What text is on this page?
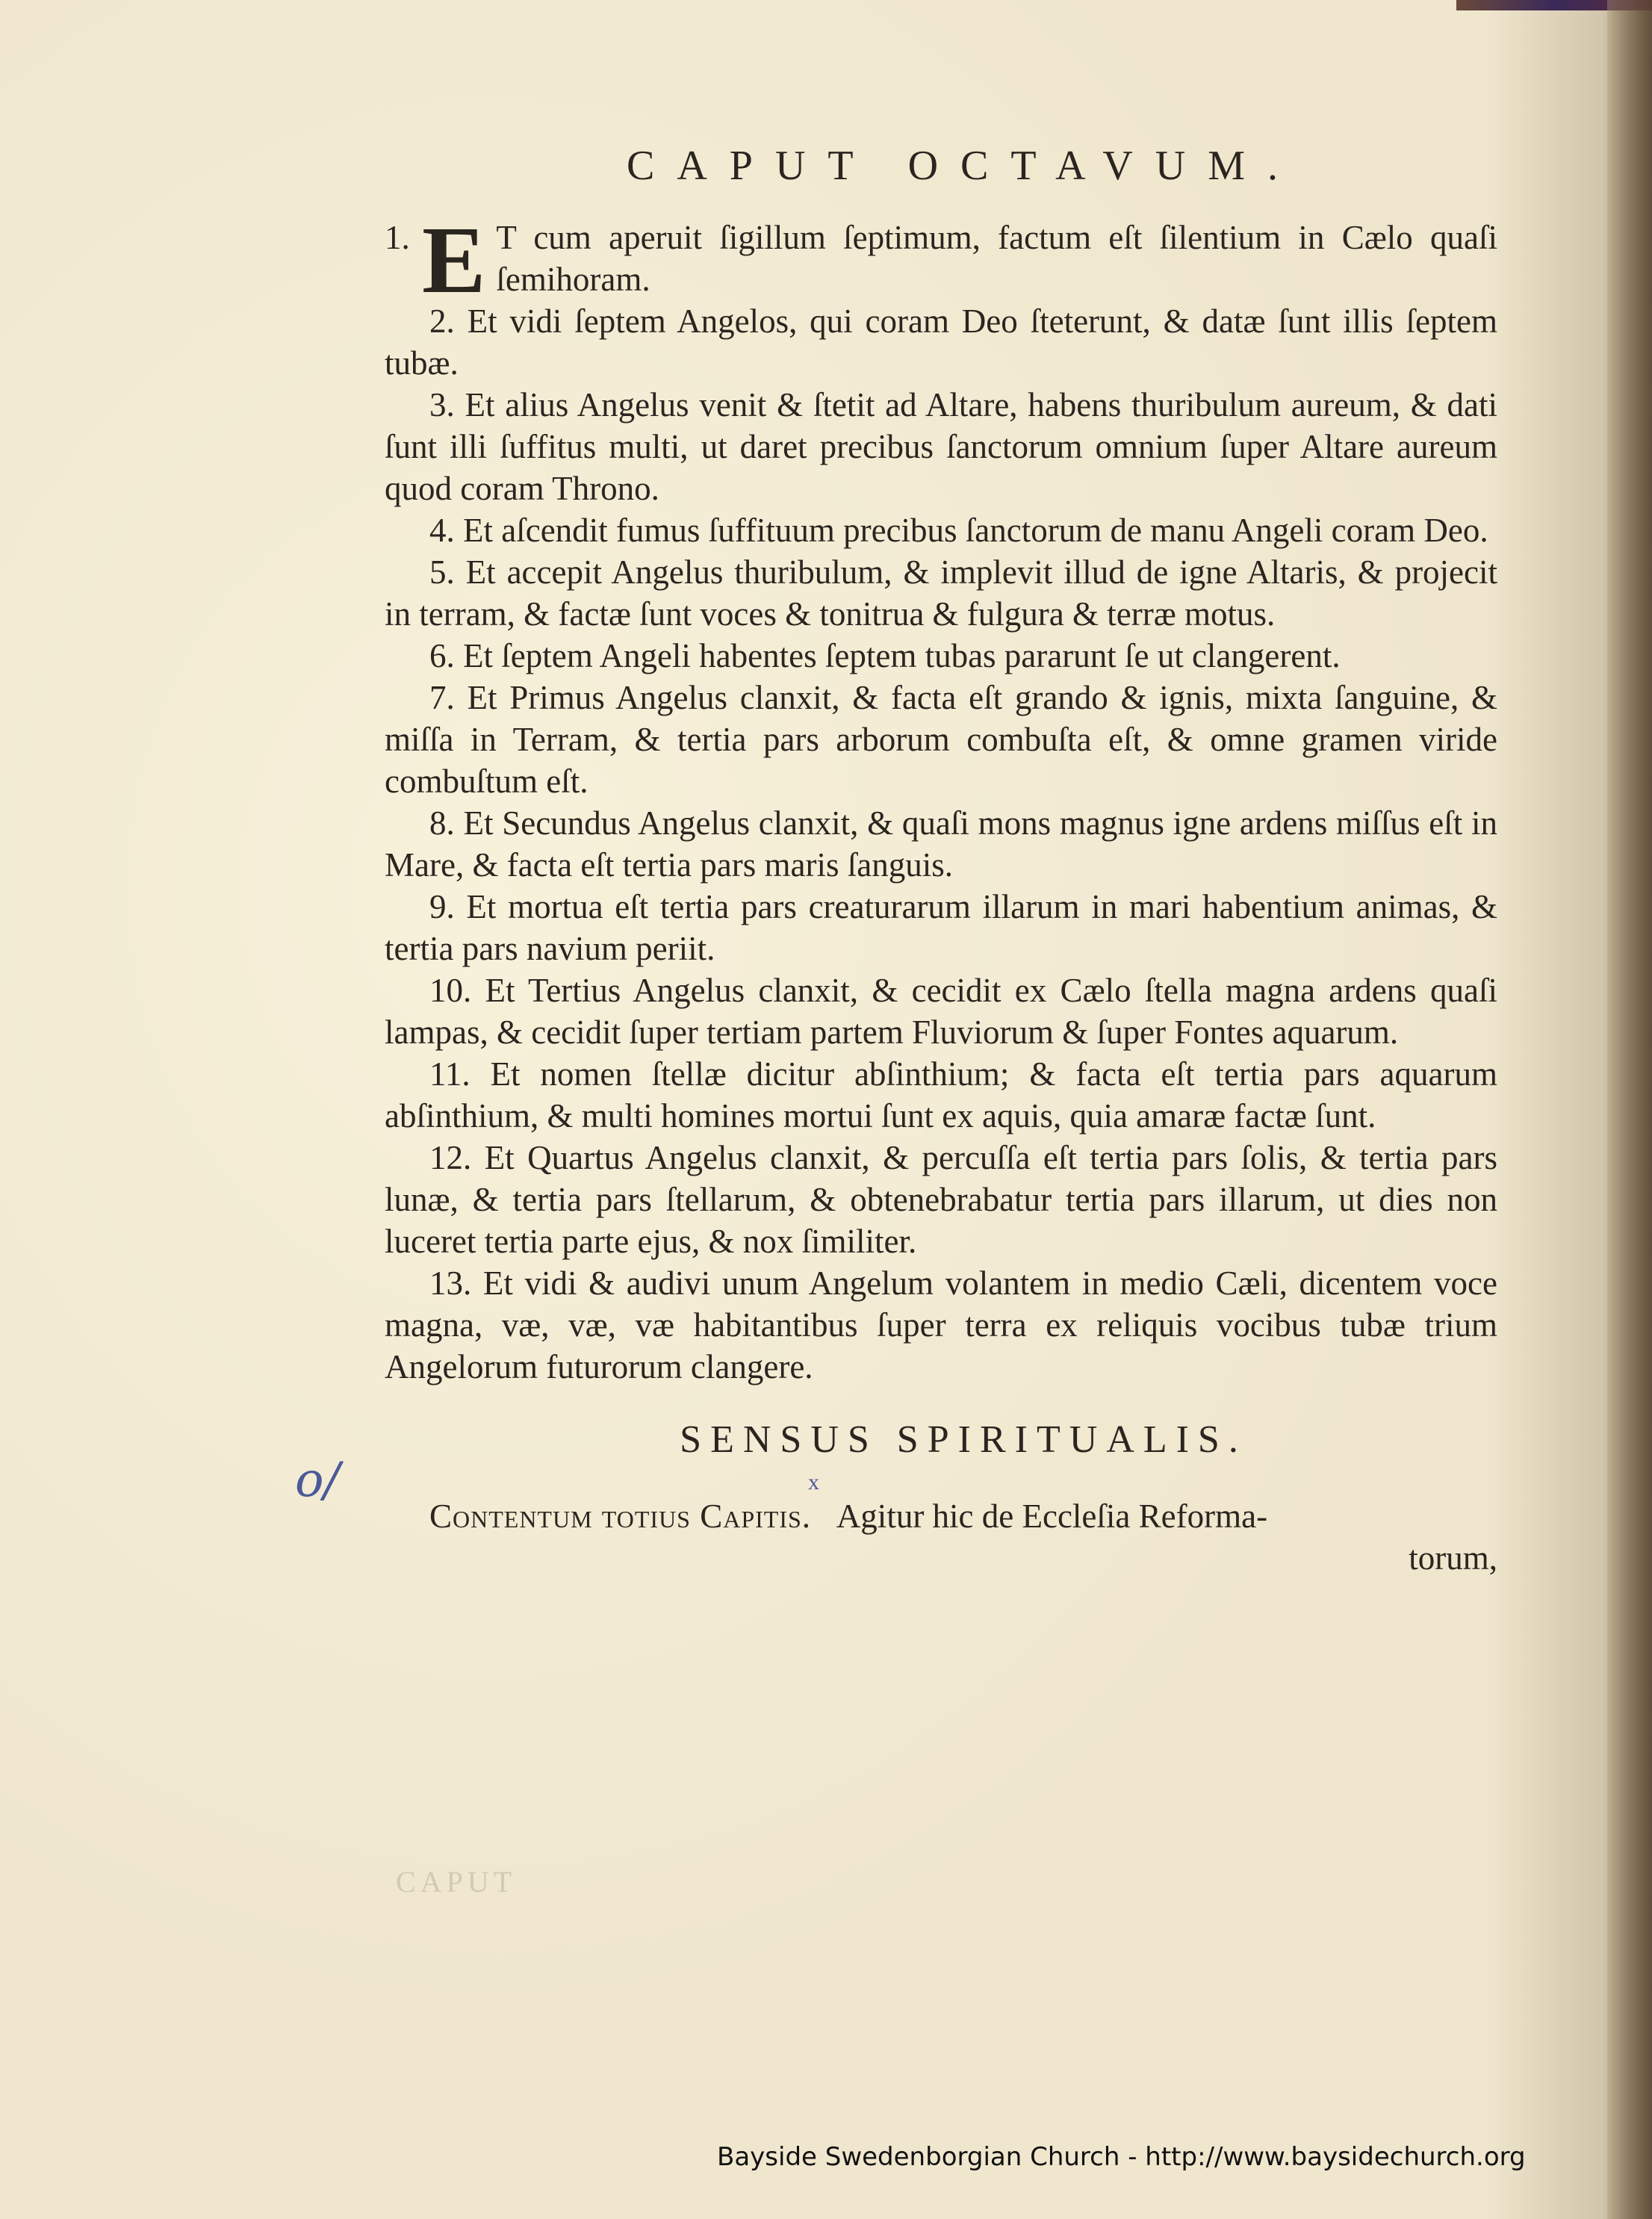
CAPUT OCTAVUM.

1. E T cum aperuit ſigillum ſeptimum, factum eſt ſilentium in Cælo quaſi ſemihoram.

2. Et vidi ſeptem Angelos, qui coram Deo ſteterunt, & datæ ſunt illis ſeptem tubæ.

3. Et alius Angelus venit & ſtetit ad Altare, habens thuribulum aureum, & dati ſunt illi ſuffitus multi, ut daret precibus ſanctorum omnium ſuper Altare aureum quod coram Throno.

4. Et aſcendit fumus ſuffituum precibus ſanctorum de manu Angeli coram Deo.

5. Et accepit Angelus thuribulum, & implevit illud de igne Altaris, & projecit in terram, & factæ ſunt voces & tonitrua & fulgura & terræ motus.

6. Et ſeptem Angeli habentes ſeptem tubas pararunt ſe ut clangerent.

7. Et Primus Angelus clanxit, & facta eſt grando & ignis, mixta ſanguine, & miſſa in Terram, & tertia pars arborum combuſta eſt, & omne gramen viride combuſtum eſt.

8. Et Secundus Angelus clanxit, & quaſi mons magnus igne ardens miſſus eſt in Mare, & facta eſt tertia pars maris ſanguis.

9. Et mortua eſt tertia pars creaturarum illarum in mari habentium animas, & tertia pars navium periit.

10. Et Tertius Angelus clanxit, & cecidit ex Cælo ſtella magna ardens quaſi lampas, & cecidit ſuper tertiam partem Fluviorum & ſuper Fontes aquarum.

11. Et nomen ſtellæ dicitur abſinthium; & facta eſt tertia pars aquarum abſinthium, & multi homines mortui ſunt ex aquis, quia amaræ factæ ſunt.

12. Et Quartus Angelus clanxit, & percuſſa eſt tertia pars ſolis, & tertia pars lunæ, & tertia pars ſtellarum, & obtenebrabatur tertia pars illarum, ut dies non luceret tertia parte ejus, & nox ſimiliter.

13. Et vidi & audivi unum Angelum volantem in medio Cæli, dicentem voce magna, væ, væ, væ habitantibus ſuper terra ex reliquis vocibus tubæ trium Angelorum futurorum clangere.

SENSUS SPIRITUALIS.

Contentum totius Capitis. Agitur hic de Eccleſia Reforma-
torum,

CAPUT
o/	x
Bayside Swedenborgian Church - http://www.baysidechurch.org
